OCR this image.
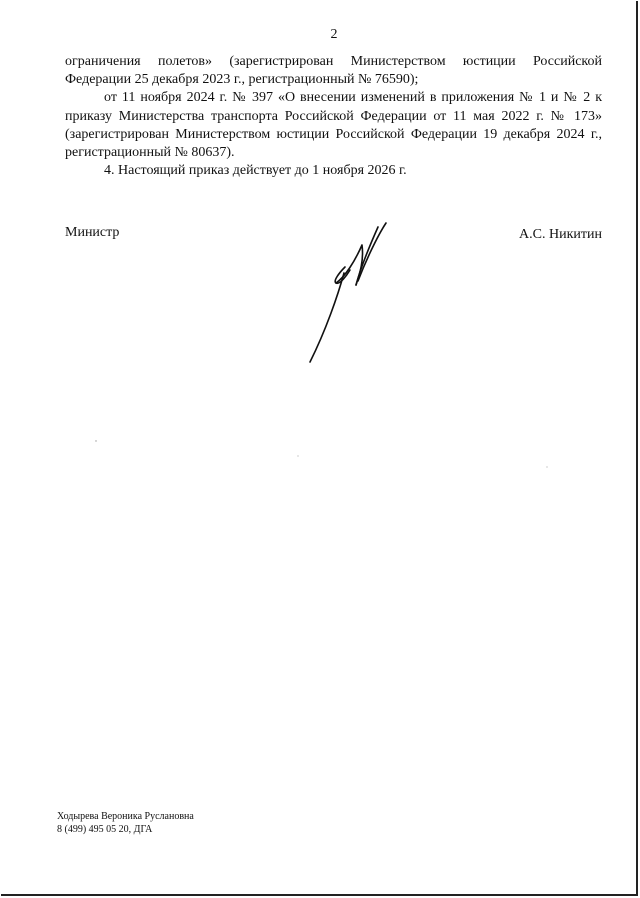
2

ограничения полетов» (зарегистрирован Министерством юстиции Российской Федерации 25 декабря 2023 г., регистрационный № 76590);

от 11 ноября 2024 г. № 397 «О внесении изменений в приложения № 1 и № 2 к приказу Министерства транспорта Российской Федерации от 11 мая 2022 г. № 173» (зарегистрирован Министерством юстиции Российской Федерации 19 декабря 2024 г., регистрационный № 80637).

4. Настоящий приказ действует до 1 ноября 2026 г.

Министр	А.С. Никитин
Ходырева Вероника Руслановна
8 (499) 495 05 20, ДГА
